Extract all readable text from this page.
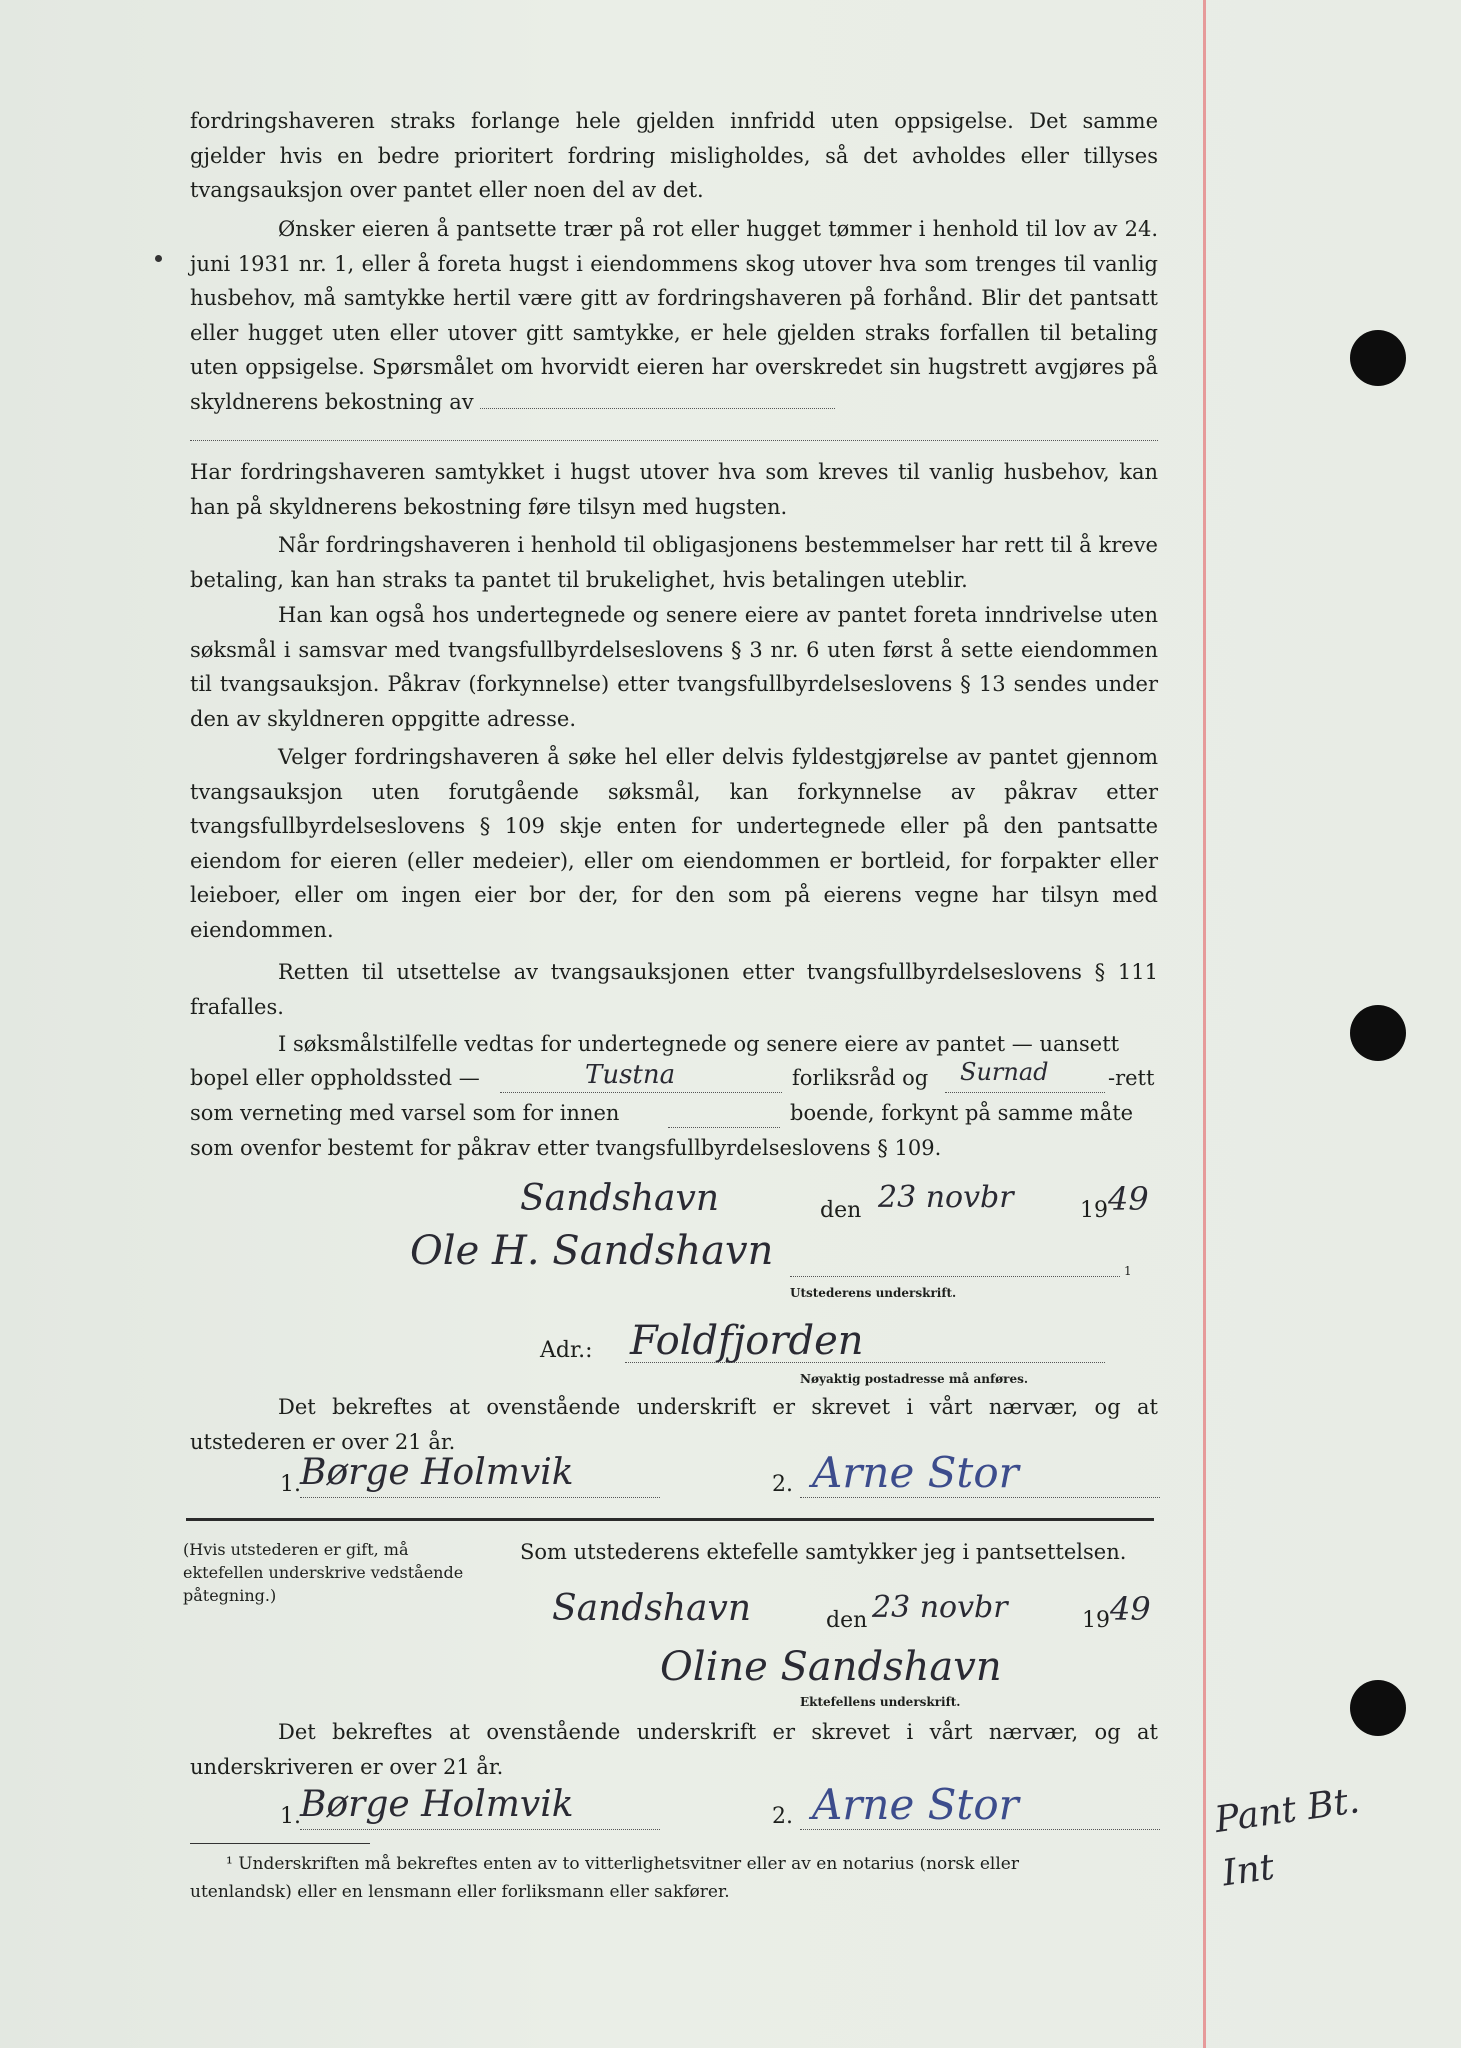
fordringshaveren straks forlange hele gjelden innfridd uten oppsigelse. Det samme gjelder hvis en bedre prioritert fordring misligholdes, så det avholdes eller tillyses tvangsauksjon over pantet eller noen del av det.

Ønsker eieren å pantsette trær på rot eller hugget tømmer i henhold til lov av 24. juni 1931 nr. 1, eller å foreta hugst i eiendommens skog utover hva som trenges til vanlig husbehov, må samtykke hertil være gitt av fordringshaveren på forhånd. Blir det pantsatt eller hugget uten eller utover gitt samtykke, er hele gjelden straks forfallen til betaling uten oppsigelse. Spørsmålet om hvorvidt eieren har overskredet sin hugstrett avgjøres på skyldnerens bekostning av

Har fordringshaveren samtykket i hugst utover hva som kreves til vanlig husbehov, kan han på skyldnerens bekostning føre tilsyn med hugsten.

Når fordringshaveren i henhold til obligasjonens bestemmelser har rett til å kreve betaling, kan han straks ta pantet til brukelighet, hvis betalingen uteblir.

Han kan også hos undertegnede og senere eiere av pantet foreta inndrivelse uten søksmål i samsvar med tvangsfullbyrdelseslovens § 3 nr. 6 uten først å sette eiendommen til tvangsauksjon. Påkrav (forkynnelse) etter tvangsfullbyrdelseslovens § 13 sendes under den av skyldneren oppgitte adresse.

Velger fordringshaveren å søke hel eller delvis fyldestgjørelse av pantet gjennom tvangsauksjon uten forutgående søksmål, kan forkynnelse av påkrav etter tvangsfullbyrdelseslovens § 109 skje enten for undertegnede eller på den pantsatte eiendom for eieren (eller medeier), eller om eiendommen er bortleid, for forpakter eller leieboer, eller om ingen eier bor der, for den som på eierens vegne har tilsyn med eiendommen.

Retten til utsettelse av tvangsauksjonen etter tvangsfullbyrdelseslovens § 111 frafalles.

I søksmålstilfelle vedtas for undertegnede og senere eiere av pantet — uansett

bopel eller oppholdssted —	Tustna	forliksråd og Surnad	-rett
som verneting med varsel som for innen	boende, forkynt på samme måte
som ovenfor bestemt for påkrav etter tvangsfullbyrdelseslovens § 109.
Sandshavn	den 23 novbr	19 49
Ole H. Sandshavn	1
Utstederens underskrift.
Adr.: Foldfjorden
Nøyaktig postadresse må anføres.

Det bekreftes at ovenstående underskrift er skrevet i vårt nærvær, og at utstederen er over 21 år.

1. Børge Holmvik	2. Arne Stor
(Hvis utstederen er gift, må ektefellen underskrive vedstående påtegning.)
Som utstederens ektefelle samtykker jeg i pantsettelsen.
Sandshavn	den 23 novbr	19 49
Oline Sandshavn
Ektefellens underskrift.

Det bekreftes at ovenstående underskrift er skrevet i vårt nærvær, og at underskriveren er over 21 år.

1. Børge Holmvik	2. Arne Stor
¹ Underskriften må bekreftes enten av to vitterlighetsvitner eller av en notarius (norsk eller utenlandsk) eller en lensmann eller forliksmann eller sakfører.
Pant Bt. Int
